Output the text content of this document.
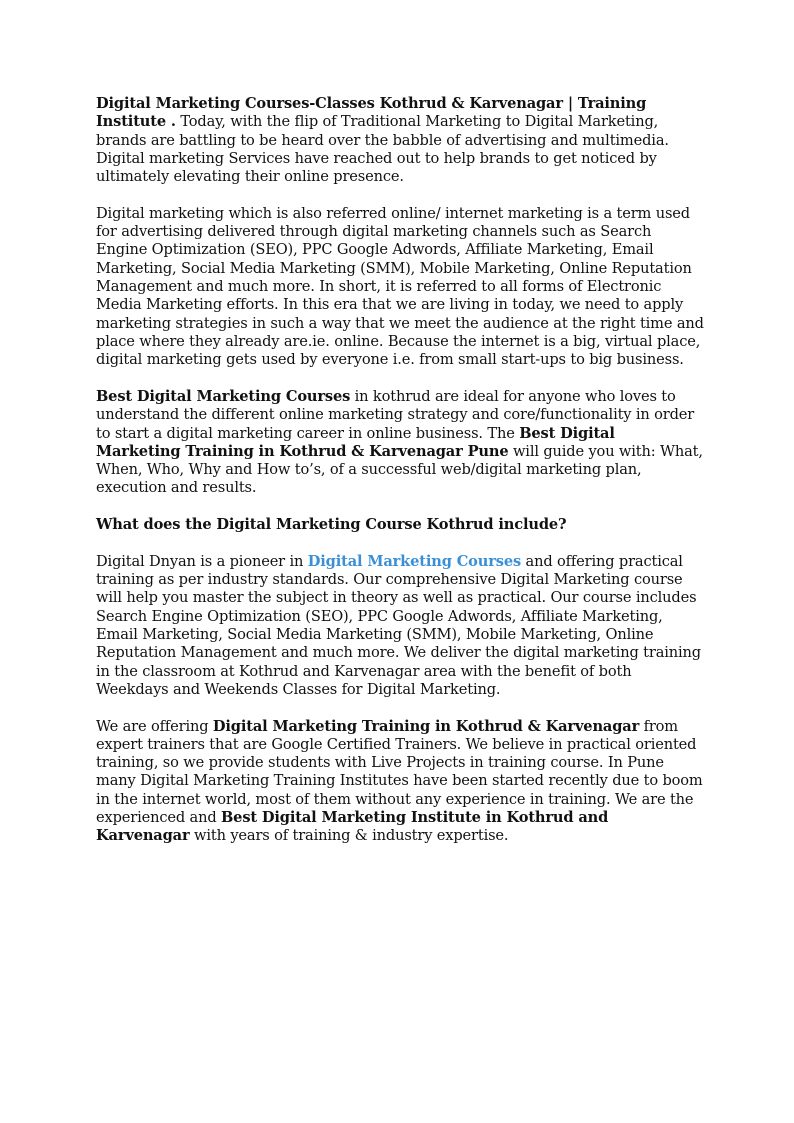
Digital Marketing Courses-Classes Kothrud & Karvenagar | Training Institute . Today, with the flip of Traditional Marketing to Digital Marketing, brands are battling to be heard over the babble of advertising and multimedia. Digital marketing Services have reached out to help brands to get noticed by ultimately elevating their online presence.

Digital marketing which is also referred online/ internet marketing is a term used for advertising delivered through digital marketing channels such as Search Engine Optimization (SEO), PPC Google Adwords, Affiliate Marketing, Email Marketing, Social Media Marketing (SMM), Mobile Marketing, Online Reputation Management and much more. In short, it is referred to all forms of Electronic Media Marketing efforts. In this era that we are living in today, we need to apply marketing strategies in such a way that we meet the audience at the right time and place where they already are.ie. online. Because the internet is a big, virtual place, digital marketing gets used by everyone i.e. from small start-ups to big business.

Best Digital Marketing Courses in kothrud are ideal for anyone who loves to understand the different online marketing strategy and core/functionality in order to start a digital marketing career in online business. The Best Digital Marketing Training in Kothrud & Karvenagar Pune will guide you with: What, When, Who, Why and How to’s, of a successful web/digital marketing plan, execution and results.

What does the Digital Marketing Course Kothrud include?

Digital Dnyan is a pioneer in Digital Marketing Courses and offering practical training as per industry standards. Our comprehensive Digital Marketing course will help you master the subject in theory as well as practical. Our course includes Search Engine Optimization (SEO), PPC Google Adwords, Affiliate Marketing, Email Marketing, Social Media Marketing (SMM), Mobile Marketing, Online Reputation Management and much more. We deliver the digital marketing training in the classroom at Kothrud and Karvenagar area with the benefit of both Weekdays and Weekends Classes for Digital Marketing.

We are offering Digital Marketing Training in Kothrud & Karvenagar from expert trainers that are Google Certified Trainers. We believe in practical oriented training, so we provide students with Live Projects in training course. In Pune many Digital Marketing Training Institutes have been started recently due to boom in the internet world, most of them without any experience in training. We are the experienced and Best Digital Marketing Institute in Kothrud and Karvenagar with years of training & industry expertise.
